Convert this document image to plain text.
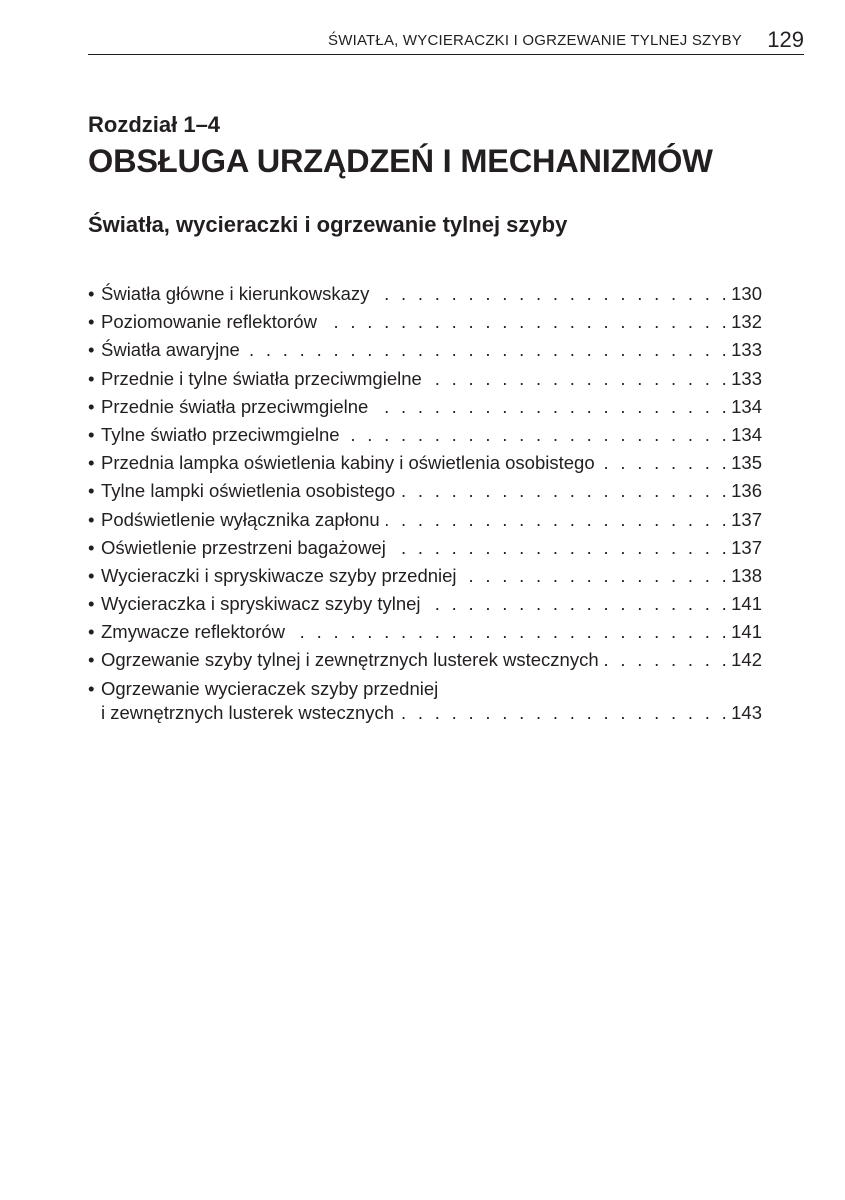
ŚWIATŁA, WYCIERACZKI I OGRZEWANIE TYLNEJ SZYBY 129
Rozdział 1–4
OBSŁUGA URZĄDZEŃ I MECHANIZMÓW
Światła, wycieraczki i ogrzewanie tylnej szyby
• Światła główne i kierunkowskazy . . .	130
• Poziomowanie reflektorów . . .	132
• Światła awaryjne . . .	133
• Przednie i tylne światła przeciwmgielne . . .	133
• Przednie światła przeciwmgielne . . .	134
• Tylne światło przeciwmgielne . . .	134
• Przednia lampka oświetlenia kabiny i oświetlenia osobistego . . .	135
• Tylne lampki oświetlenia osobistego . . .	136
• Podświetlenie wyłącznika zapłonu . . .	137
• Oświetlenie przestrzeni bagażowej . . .	137
• Wycieraczki i spryskiwacze szyby przedniej . . .	138
• Wycieraczka i spryskiwacz szyby tylnej . . .	141
• Zmywacze reflektorów . . .	141
• Ogrzewanie szyby tylnej i zewnętrznych lusterek wstecznych . . .	142
• Ogrzewanie wycieraczek szyby przedniej
i zewnętrznych lusterek wstecznych . . .	143
